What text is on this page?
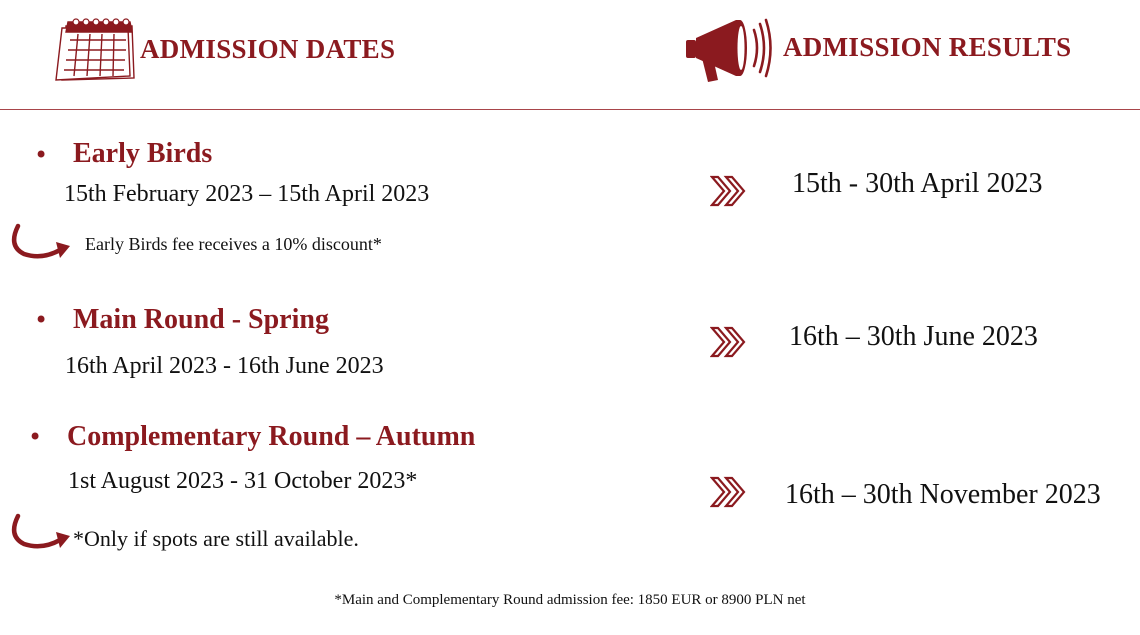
ADMISSION DATES	ADMISSION RESULTS
• Early Birds
15th February 2023 – 15th April 2023
Early Birds fee receives a 10% discount*
• Main Round - Spring
16th April 2023 - 16th June 2023
• Complementary Round – Autumn
1st August 2023 - 31 October 2023*
*Only if spots are still available.
15th - 30th April 2023
16th – 30th June 2023
16th – 30th November 2023
*Main and Complementary Round admission fee: 1850 EUR or 8900 PLN net
